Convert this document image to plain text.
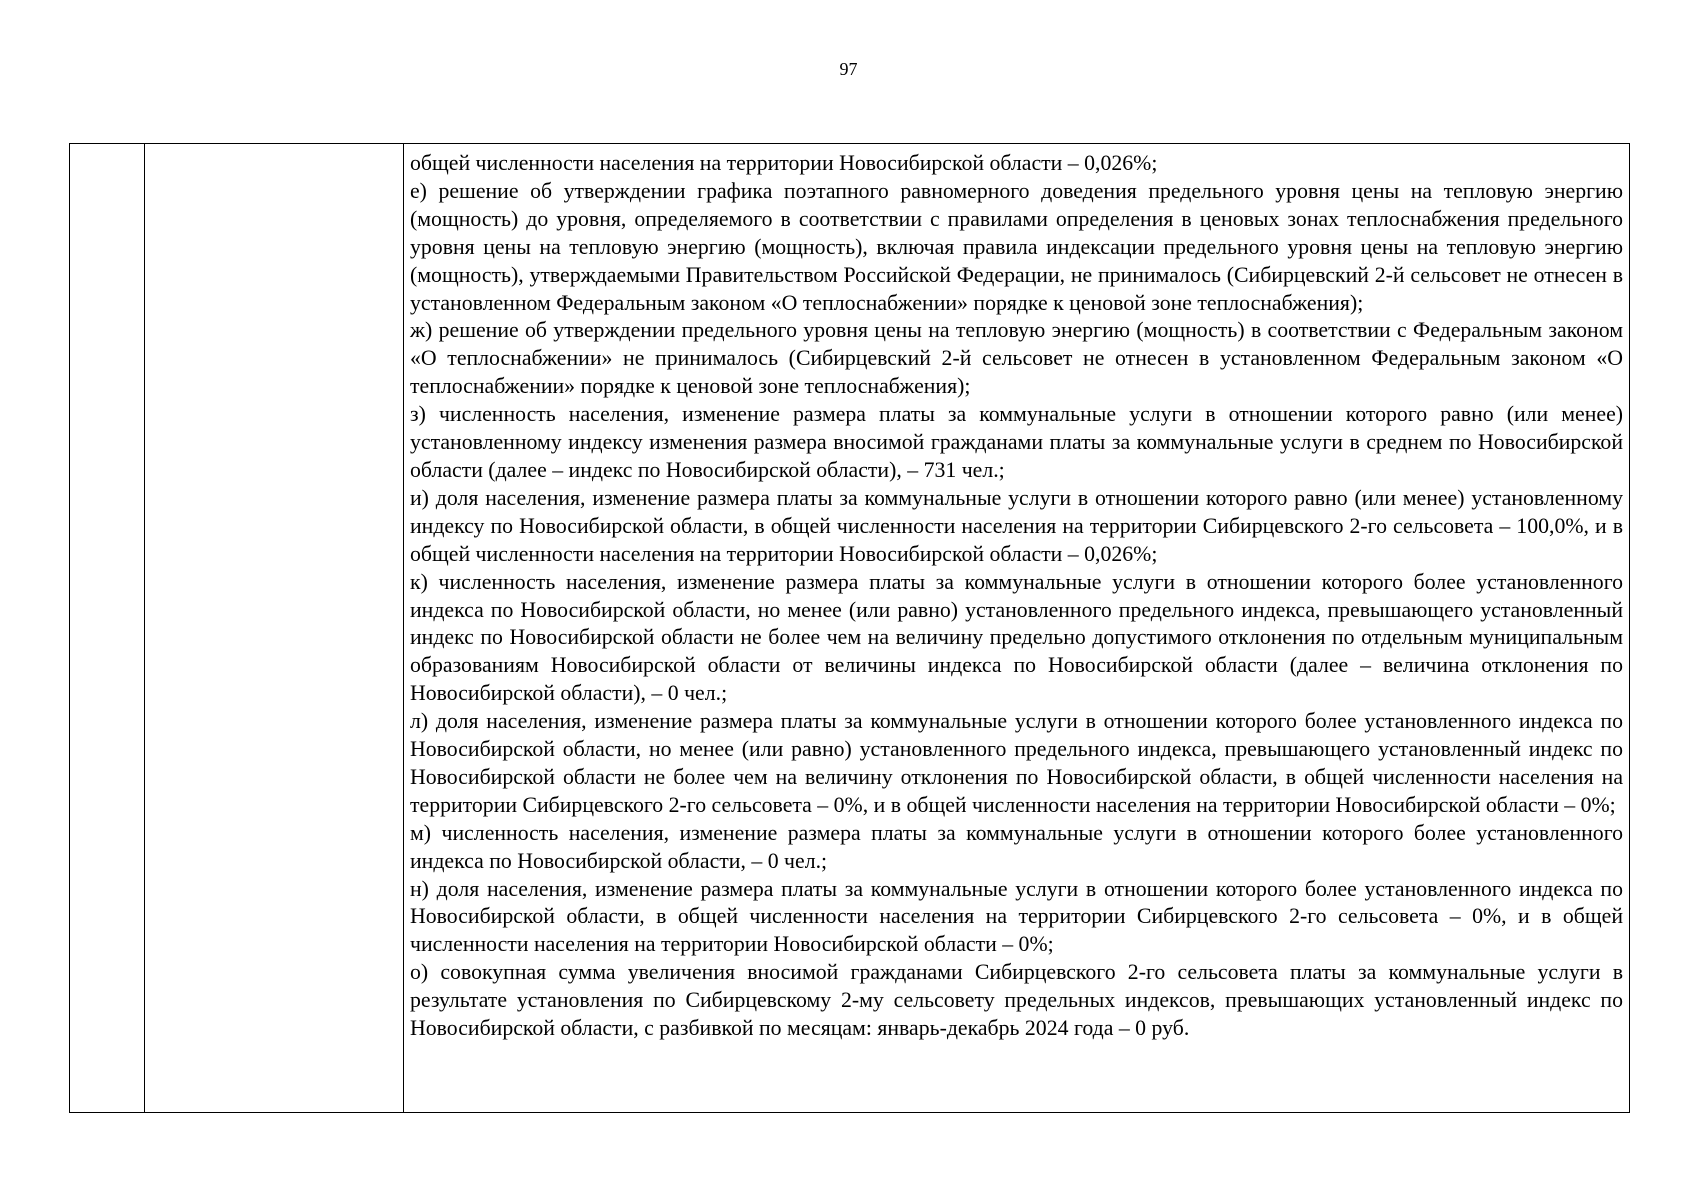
97

общей численности населения на территории Новосибирской области – 0,026%;

е) решение об утверждении графика поэтапного равномерного доведения предельного уровня цены на тепловую энергию (мощность) до уровня, определяемого в соответствии с правилами определения в ценовых зонах теплоснабжения предельного уровня цены на тепловую энергию (мощность), включая правила индексации предельного уровня цены на тепловую энергию (мощность), утверждаемыми Правительством Российской Федерации, не принималось (Сибирцевский 2-й сельсовет не отнесен в установленном Федеральным законом «О теплоснабжении» порядке к ценовой зоне теплоснабжения);

ж) решение об утверждении предельного уровня цены на тепловую энергию (мощность) в соответствии с Федеральным законом «О теплоснабжении» не принималось (Сибирцевский 2-й сельсовет не отнесен в установленном Федеральным законом «О теплоснабжении» порядке к ценовой зоне теплоснабжения);

з) численность населения, изменение размера платы за коммунальные услуги в отношении которого равно (или менее) установленному индексу изменения размера вносимой гражданами платы за коммунальные услуги в среднем по Новосибирской области (далее – индекс по Новосибирской области), – 731 чел.;

и) доля населения, изменение размера платы за коммунальные услуги в отношении которого равно (или менее) установленному индексу по Новосибирской области, в общей численности населения на территории Сибирцевского 2-го сельсовета – 100,0%, и в общей численности населения на территории Новосибирской области – 0,026%;

к) численность населения, изменение размера платы за коммунальные услуги в отношении которого более установленного индекса по Новосибирской области, но менее (или равно) установленного предельного индекса, превышающего установленный индекс по Новосибирской области не более чем на величину предельно допустимого отклонения по отдельным муниципальным образованиям Новосибирской области от величины индекса по Новосибирской области (далее – величина отклонения по Новосибирской области), – 0 чел.;

л) доля населения, изменение размера платы за коммунальные услуги в отношении которого более установленного индекса по Новосибирской области, но менее (или равно) установленного предельного индекса, превышающего установленный индекс по Новосибирской области не более чем на величину отклонения по Новосибирской области, в общей численности населения на территории Сибирцевского 2-го сельсовета – 0%, и в общей численности населения на территории Новосибирской области – 0%;

м) численность населения, изменение размера платы за коммунальные услуги в отношении которого более установленного индекса по Новосибирской области, – 0 чел.;

н) доля населения, изменение размера платы за коммунальные услуги в отношении которого более установленного индекса по Новосибирской области, в общей численности населения на территории Сибирцевского 2-го сельсовета – 0%, и в общей численности населения на территории Новосибирской области – 0%;

о) совокупная сумма увеличения вносимой гражданами Сибирцевского 2-го сельсовета платы за коммунальные услуги в результате установления по Сибирцевскому 2-му сельсовету предельных индексов, превышающих установленный индекс по Новосибирской области, с разбивкой по месяцам: январь-декабрь 2024 года – 0 руб.
